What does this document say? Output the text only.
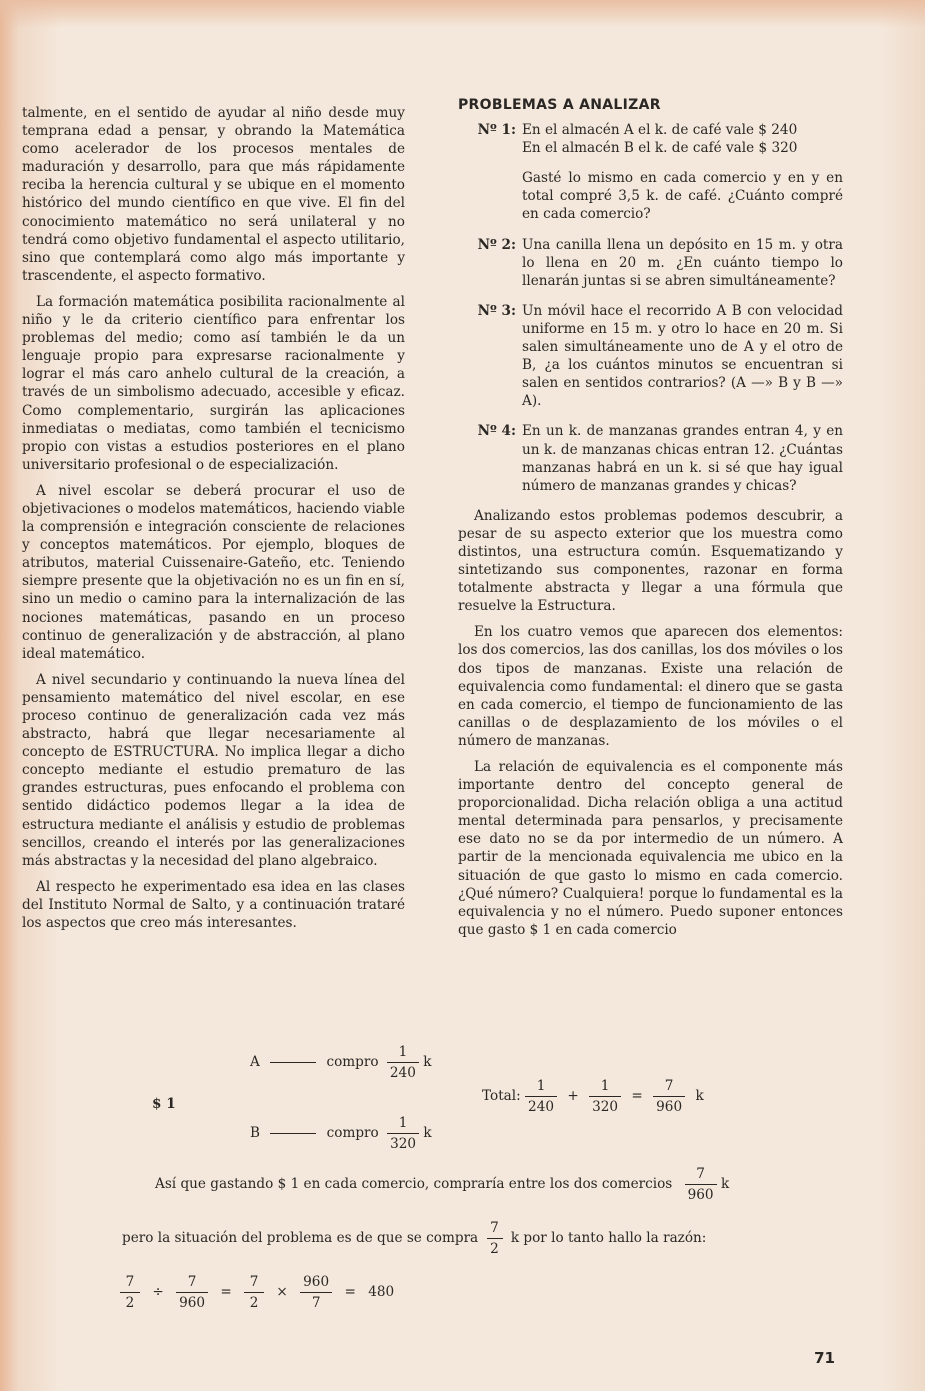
talmente, en el sentido de ayudar al niño desde muy temprana edad a pensar, y obrando la Matemática como acelerador de los procesos mentales de maduración y desarrollo, para que más rápidamente reciba la herencia cultural y se ubique en el momento histórico del mundo científico en que vive. El fin del conocimiento matemático no será unilateral y no tendrá como objetivo fundamental el aspecto utilitario, sino que contemplará como algo más importante y trascendente, el aspecto formativo.

La formación matemática posibilita racionalmente al niño y le da criterio científico para enfrentar los problemas del medio; como así también le da un lenguaje propio para expresarse racionalmente y lograr el más caro anhelo cultural de la creación, a través de un simbolismo adecuado, accesible y eficaz. Como complementario, surgirán las aplicaciones inmediatas o mediatas, como también el tecnicismo propio con vistas a estudios posteriores en el plano universitario profesional o de especialización.

A nivel escolar se deberá procurar el uso de objetivaciones o modelos matemáticos, haciendo viable la comprensión e integración consciente de relaciones y conceptos matemáticos. Por ejemplo, bloques de atributos, material Cuissenaire-Gateño, etc. Teniendo siempre presente que la objetivación no es un fin en sí, sino un medio o camino para la internalización de las nociones matemáticas, pasando en un proceso continuo de generalización y de abstracción, al plano ideal matemático.

A nivel secundario y continuando la nueva línea del pensamiento matemático del nivel escolar, en ese proceso continuo de generalización cada vez más abstracto, habrá que llegar necesariamente al concepto de ESTRUCTURA. No implica llegar a dicho concepto mediante el estudio prematuro de las grandes estructuras, pues enfocando el problema con sentido didáctico podemos llegar a la idea de estructura mediante el análisis y estudio de problemas sencillos, creando el interés por las generalizaciones más abstractas y la necesidad del plano algebraico.

Al respecto he experimentado esa idea en las clases del Instituto Normal de Salto, y a continuación trataré los aspectos que creo más interesantes.

PROBLEMAS A ANALIZAR
Nº 1: En el almacén A el k. de café vale $ 240

En el almacén B el k. de café vale $ 320

Gasté lo mismo en cada comercio y en y en total compré 3,5 k. de café. ¿Cuánto compré en cada comercio?

Nº 2: Una canilla llena un depósito en 15 m. y otra lo llena en 20 m. ¿En cuánto tiempo lo llenarán juntas si se abren simultáneamente?

Nº 3: Un móvil hace el recorrido A B con velocidad uniforme en 15 m. y otro lo hace en 20 m. Si salen simultáneamente uno de A y el otro de B, ¿a los cuántos minutos se encuentran si salen en sentidos contrarios? (A —» B y B —» A).

Nº 4: En un k. de manzanas grandes entran 4, y en un k. de manzanas chicas entran 12. ¿Cuántas manzanas habrá en un k. si sé que hay igual número de manzanas grandes y chicas?

Analizando estos problemas podemos descubrir, a pesar de su aspecto exterior que los muestra como distintos, una estructura común. Esquematizando y sintetizando sus componentes, razonar en forma totalmente abstracta y llegar a una fórmula que resuelve la Estructura.

En los cuatro vemos que aparecen dos elementos: los dos comercios, las dos canillas, los dos móviles o los dos tipos de manzanas. Existe una relación de equivalencia como fundamental: el dinero que se gasta en cada comercio, el tiempo de funcionamiento de las canillas o de desplazamiento de los móviles o el número de manzanas.

La relación de equivalencia es el componente más importante dentro del concepto general de proporcionalidad. Dicha relación obliga a una actitud mental determinada para pensarlos, y precisamente ese dato no se da por intermedio de un número. A partir de la mencionada equivalencia me ubico en la situación de que gasto lo mismo en cada comercio. ¿Qué número? Cualquiera! porque lo fundamental es la equivalencia y no el número. Puedo suponer entonces que gasto $ 1 en cada comercio

$ 1
A	compro $\frac{1}{240}$ k
B	compro $\frac{1}{320}$ k
Total: $\frac{1}{240} + \frac{1}{320} = \frac{7}{960}$ k
Así que gastando $ 1 en cada comercio, compraría entre los dos comercios $\frac{7}{960}$ k
pero la situación del problema es de que se compra $\frac{7}{2}$ k por lo tanto hallo la razón:
$\frac{7}{2} \div \frac{7}{960} = \frac{7}{2} \times \frac{960}{7} = 480$
71
